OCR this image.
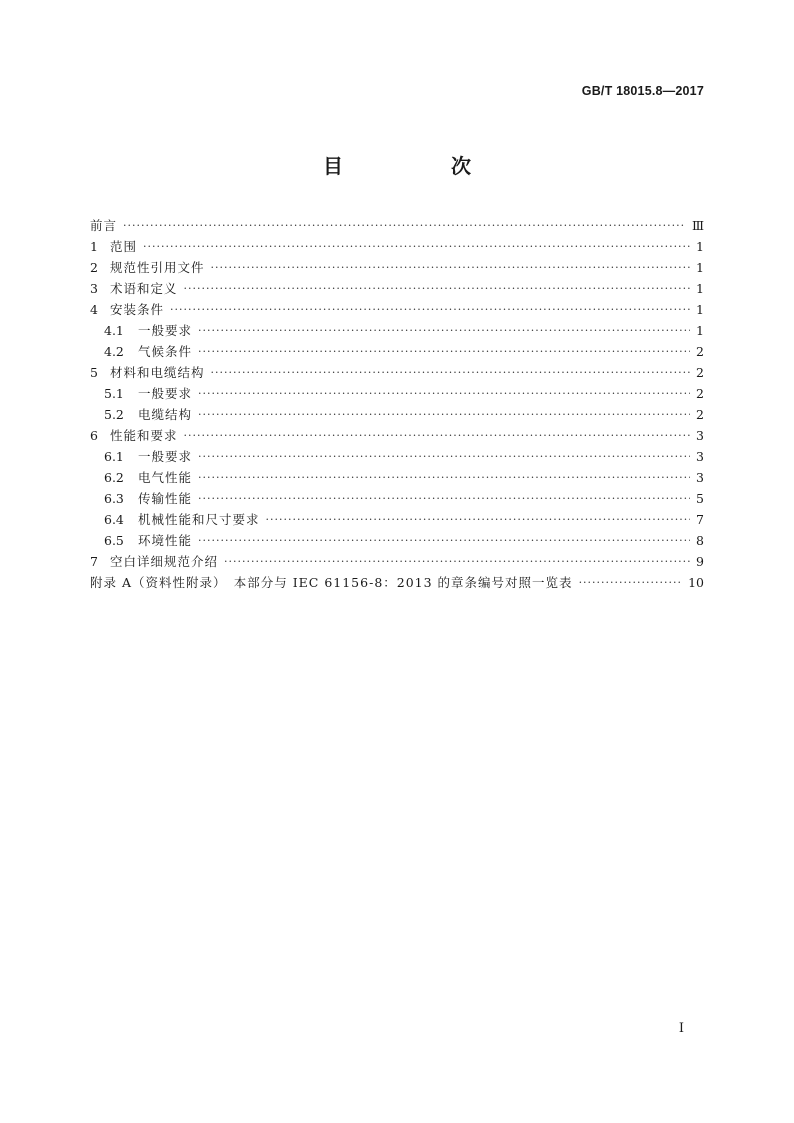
GB/T 18015.8—2017
目　次
前言 ·····	Ⅲ
1 范围 ·····	1
2 规范性引用文件 ·····	1
3 术语和定义 ·····	1
4 安装条件 ·····	1
4.1 一般要求 ·····	1
4.2 气候条件 ·····	2
5 材料和电缆结构 ·····	2
5.1 一般要求 ·····	2
5.2 电缆结构 ·····	2
6 性能和要求 ·····	3
6.1 一般要求 ·····	3
6.2 电气性能 ·····	3
6.3 传输性能 ·····	5
6.4 机械性能和尺寸要求 ·····	7
6.5 环境性能 ·····	8
7 空白详细规范介绍 ·····	9
附录 A（资料性附录）　本部分与 IEC 61156-8：2013 的章条编号对照一览表 ·····	10
I
